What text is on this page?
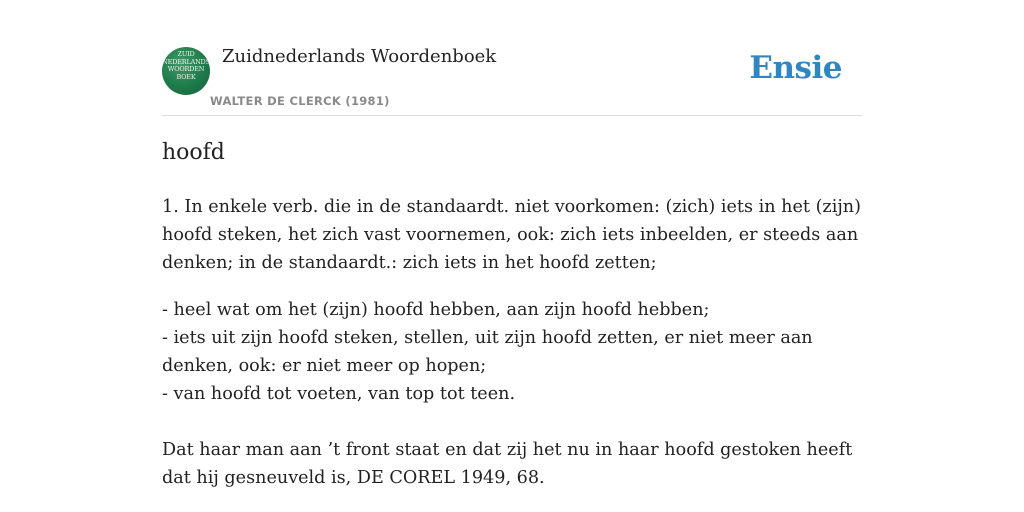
ZUID
NEDERLANDS
WOORDEN
BOEK
Zuidnederlands Woordenboek
WALTER DE CLERCK (1981)
Ensie
hoofd

1. In enkele verb. die in de standaardt. niet voorkomen: (zich) iets in het (zijn) hoofd steken, het zich vast voornemen, ook: zich iets inbeelden, er steeds aan denken; in de standaardt.: zich iets in het hoofd zetten;

- heel wat om het (zijn) hoofd hebben, aan zijn hoofd hebben;
- iets uit zijn hoofd steken, stellen, uit zijn hoofd zetten, er niet meer aan denken, ook: er niet meer op hopen;
- van hoofd tot voeten, van top tot teen.

Dat haar man aan ’t front staat en dat zij het nu in haar hoofd gestoken heeft dat hij gesneuveld is, DE COREL 1949, 68.
